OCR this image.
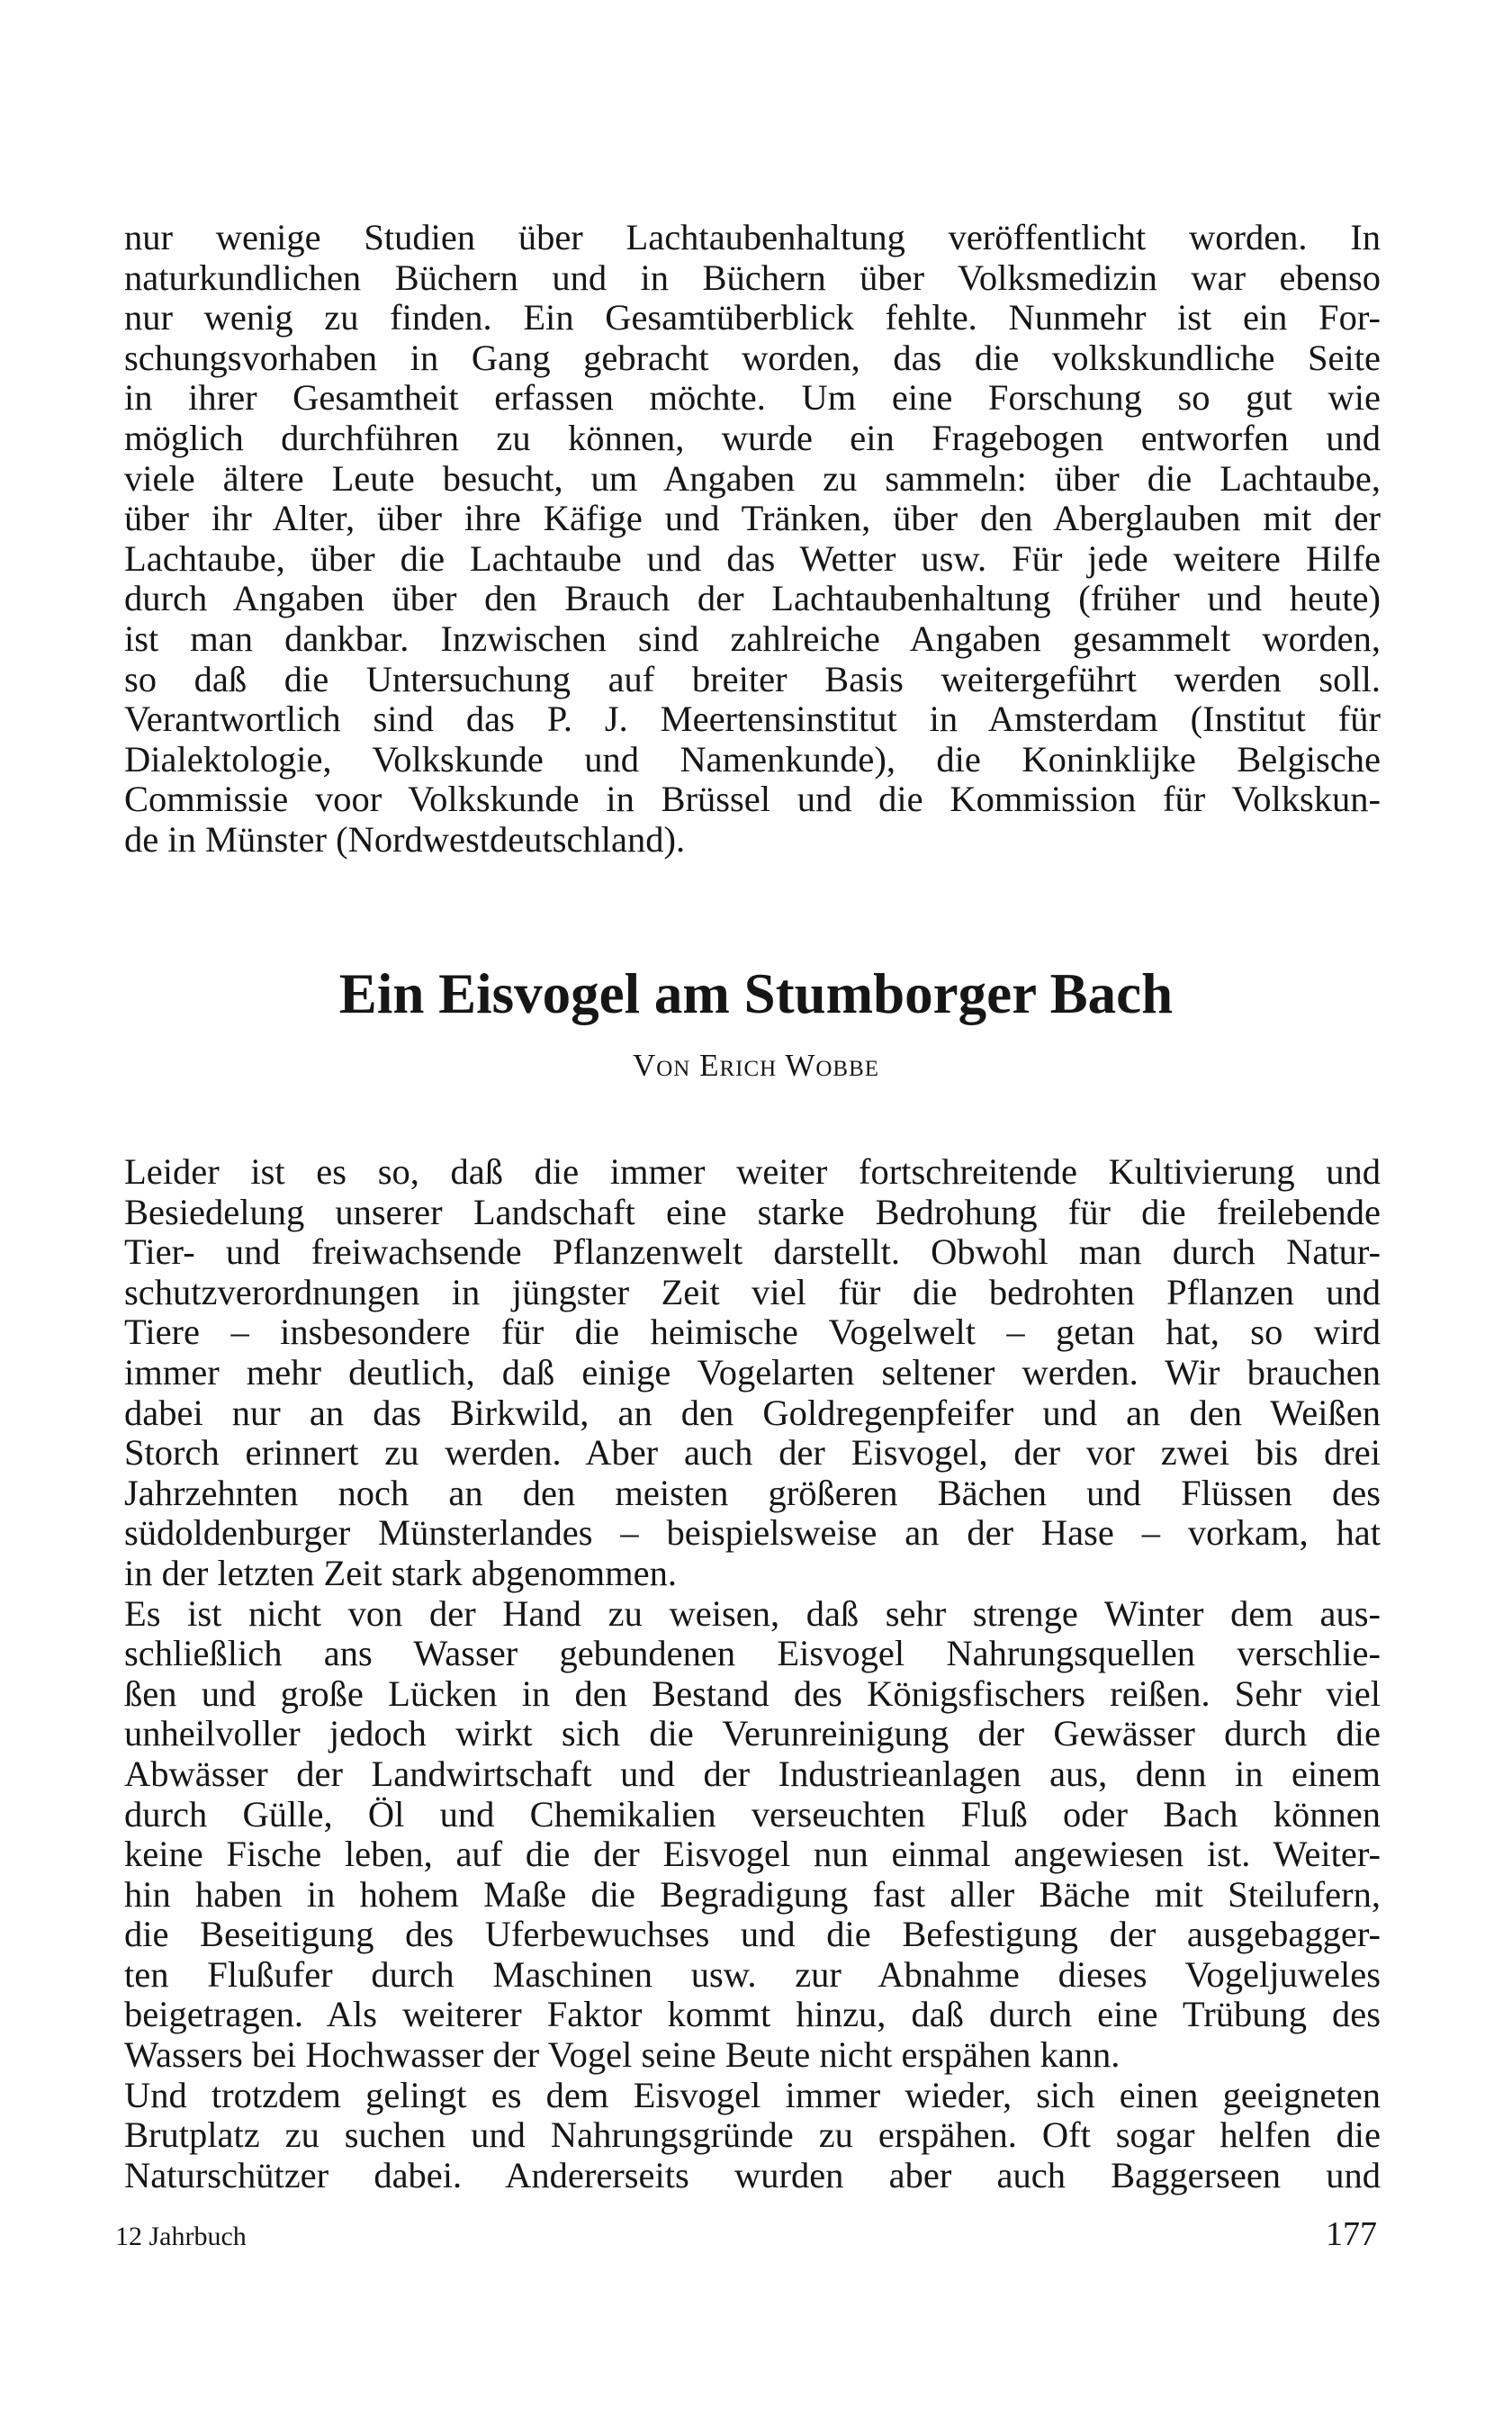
nur wenige Studien über Lachtaubenhaltung veröffentlicht worden. In
naturkundlichen Büchern und in Büchern über Volksmedizin war ebenso
nur wenig zu finden. Ein Gesamtüberblick fehlte. Nunmehr ist ein For-
schungsvorhaben in Gang gebracht worden, das die volkskundliche Seite
in ihrer Gesamtheit erfassen möchte. Um eine Forschung so gut wie
möglich durchführen zu können, wurde ein Fragebogen entworfen und
viele ältere Leute besucht, um Angaben zu sammeln: über die Lachtaube,
über ihr Alter, über ihre Käfige und Tränken, über den Aberglauben mit der
Lachtaube, über die Lachtaube und das Wetter usw. Für jede weitere Hilfe
durch Angaben über den Brauch der Lachtaubenhaltung (früher und heute)
ist man dankbar. Inzwischen sind zahlreiche Angaben gesammelt worden,
so daß die Untersuchung auf breiter Basis weitergeführt werden soll.
Verantwortlich sind das P. J. Meertensinstitut in Amsterdam (Institut für
Dialektologie, Volkskunde und Namenkunde), die Koninklijke Belgische
Commissie voor Volkskunde in Brüssel und die Kommission für Volkskun-
de in Münster (Nordwestdeutschland).
Ein Eisvogel am Stumborger Bach
Von Erich Wobbe
Leider ist es so, daß die immer weiter fortschreitende Kultivierung und
Besiedelung unserer Landschaft eine starke Bedrohung für die freilebende
Tier- und freiwachsende Pflanzenwelt darstellt. Obwohl man durch Natur-
schutzverordnungen in jüngster Zeit viel für die bedrohten Pflanzen und
Tiere – insbesondere für die heimische Vogelwelt – getan hat, so wird
immer mehr deutlich, daß einige Vogelarten seltener werden. Wir brauchen
dabei nur an das Birkwild, an den Goldregenpfeifer und an den Weißen
Storch erinnert zu werden. Aber auch der Eisvogel, der vor zwei bis drei
Jahrzehnten noch an den meisten größeren Bächen und Flüssen des
südoldenburger Münsterlandes – beispielsweise an der Hase – vorkam, hat
in der letzten Zeit stark abgenommen.
Es ist nicht von der Hand zu weisen, daß sehr strenge Winter dem aus-
schließlich ans Wasser gebundenen Eisvogel Nahrungsquellen verschlie-
ßen und große Lücken in den Bestand des Königsfischers reißen. Sehr viel
unheilvoller jedoch wirkt sich die Verunreinigung der Gewässer durch die
Abwässer der Landwirtschaft und der Industrieanlagen aus, denn in einem
durch Gülle, Öl und Chemikalien verseuchten Fluß oder Bach können
keine Fische leben, auf die der Eisvogel nun einmal angewiesen ist. Weiter-
hin haben in hohem Maße die Begradigung fast aller Bäche mit Steilufern,
die Beseitigung des Uferbewuchses und die Befestigung der ausgebagger-
ten Flußufer durch Maschinen usw. zur Abnahme dieses Vogeljuweles
beigetragen. Als weiterer Faktor kommt hinzu, daß durch eine Trübung des
Wassers bei Hochwasser der Vogel seine Beute nicht erspähen kann.
Und trotzdem gelingt es dem Eisvogel immer wieder, sich einen geeigneten
Brutplatz zu suchen und Nahrungsgründe zu erspähen. Oft sogar helfen die
Naturschützer dabei. Andererseits wurden aber auch Baggerseen und
12 Jahrbuch	177
